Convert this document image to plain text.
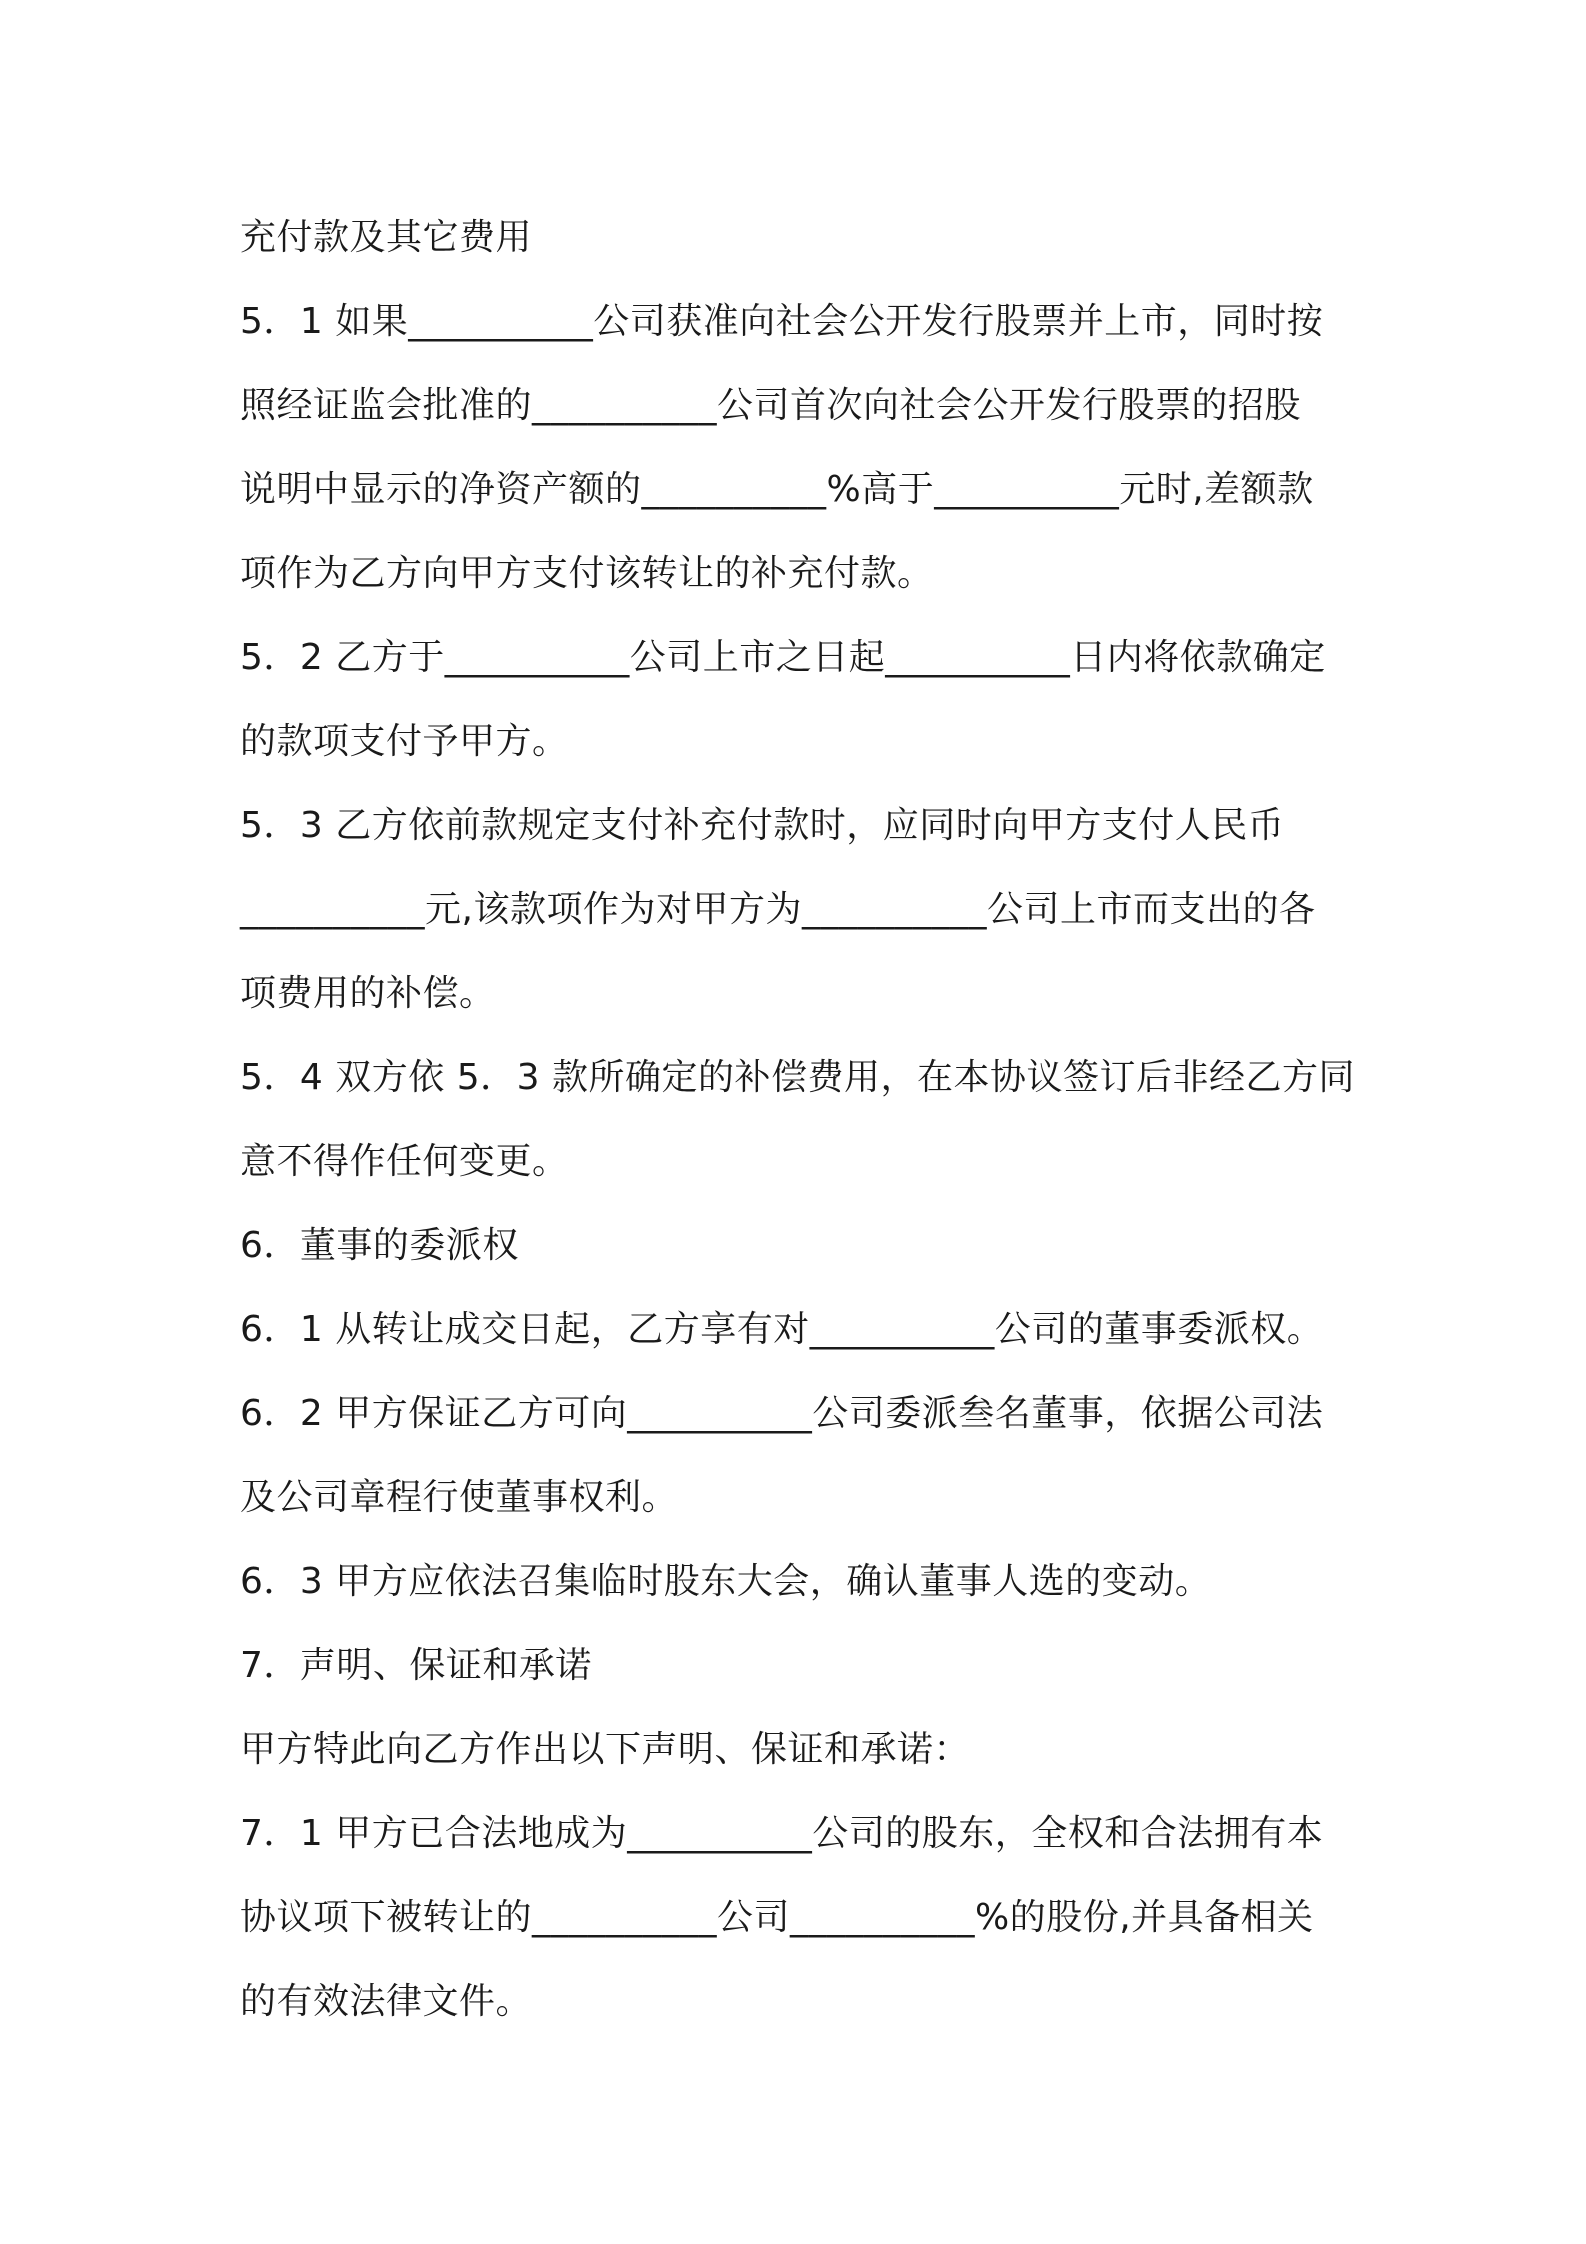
充付款及其它费用
5．1 如果__________公司获准向社会公开发行股票并上市，同时按
照经证监会批准的__________公司首次向社会公开发行股票的招股
说明中显示的净资产额的__________%高于__________元时,差额款
项作为乙方向甲方支付该转让的补充付款。
5．2 乙方于__________公司上市之日起__________日内将依款确定
的款项支付予甲方。
5．3 乙方依前款规定支付补充付款时，应同时向甲方支付人民币
__________元,该款项作为对甲方为__________公司上市而支出的各
项费用的补偿。
5．4 双方依 5．3 款所确定的补偿费用，在本协议签订后非经乙方同
意不得作任何变更。
6．董事的委派权
6．1 从转让成交日起，乙方享有对__________公司的董事委派权。
6．2 甲方保证乙方可向__________公司委派叁名董事，依据公司法
及公司章程行使董事权利。
6．3 甲方应依法召集临时股东大会，确认董事人选的变动。
7．声明、保证和承诺
甲方特此向乙方作出以下声明、保证和承诺：
7．1 甲方已合法地成为__________公司的股东，全权和合法拥有本
协议项下被转让的__________公司__________%的股份,并具备相关
的有效法律文件。
